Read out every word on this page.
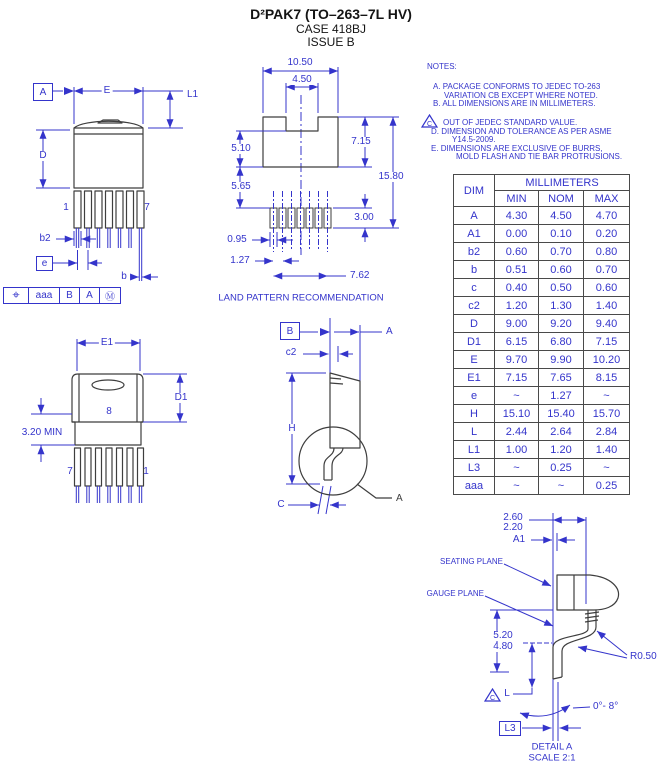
D²PAK7 (TO–263–7L HV)
CASE 418BJ
ISSUE B
NOTES:
A. PACKAGE CONFORMS TO JEDEC TO-263
VARIATION CB EXCEPT WHERE NOTED.
B. ALL DIMENSIONS ARE IN MILLIMETERS.
C OUT OF JEDEC STANDARD VALUE.
D. DIMENSION AND TOLERANCE AS PER ASME
Y14.5-2009.
E. DIMENSIONS ARE EXCLUSIVE OF BURRS,
MOLD FLASH AND TIE BAR PROTRUSIONS.
DIM	MILLIMETERS		
	MIN	NOM	MAX
A	4.30	4.50	4.70
A1	0.00	0.10	0.20
b2	0.60	0.70	0.80
b	0.51	0.60	0.70
c	0.40	0.50	0.60
c2	1.20	1.30	1.40
D	9.00	9.20	9.40
D1	6.15	6.80	7.15
E	9.70	9.90	10.20
E1	7.15	7.65	8.15
e	~	1.27	~
H	15.10	15.40	15.70
L	2.44	2.64	2.84
L1	1.00	1.20	1.40
L3	~	0.25	~
aaa	~	~	0.25
A	E	L1
D
1	7
b2
e
b
⌖	aaa	B	A	Ⓜ
10.50
4.50
5.10
7.15
15.80
5.65
3.00
0.95
1.27
7.62
LAND PATTERN RECOMMENDATION
E1
D1
8
3.20 MIN
7	1
B	A
c2
H
C
A
2.60
2.20
A1
SEATING PLANE
GAUGE PLANE
5.20
4.80
R0.50
C L
0°- 8°
L3
DETAIL A
SCALE 2:1
